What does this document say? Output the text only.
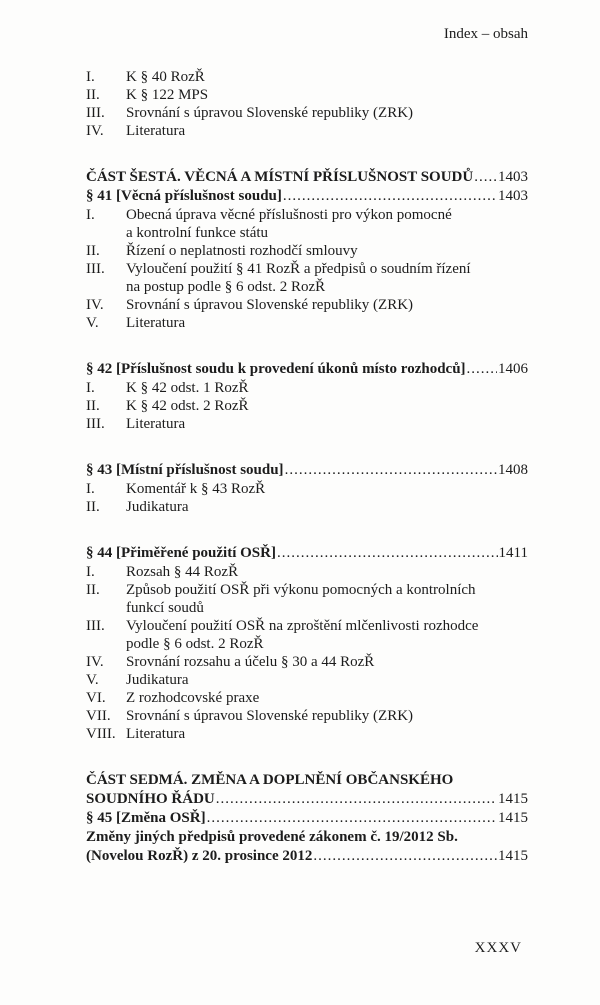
Index – obsah
I.	K § 40 RozŘ
II.	K § 122 MPS
III.	Srovnání s úpravou Slovenské republiky (ZRK)
IV.	Literatura
ČÁST ŠESTÁ. VĚCNÁ A MÍSTNÍ PŘÍSLUŠNOST SOUDŮ ..... 1403
§ 41 [Věcná příslušnost soudu] .....	1403
I.	Obecná úprava věcné příslušnosti pro výkon pomocné
a kontrolní funkce státu
II.	Řízení o neplatnosti rozhodčí smlouvy
III.	Vyloučení použití § 41 RozŘ a předpisů o soudním řízení
na postup podle § 6 odst. 2 RozŘ
IV.	Srovnání s úpravou Slovenské republiky (ZRK)
V.	Literatura
§ 42 [Příslušnost soudu k provedení úkonů místo rozhodců] ..... 1406
I.	K § 42 odst. 1 RozŘ
II.	K § 42 odst. 2 RozŘ
III.	Literatura
§ 43 [Místní příslušnost soudu] .....	1408
I.	Komentář k § 43 RozŘ
II.	Judikatura
§ 44 [Přiměřené použití OSŘ] .....	1411
I.	Rozsah § 44 RozŘ
II.	Způsob použití OSŘ při výkonu pomocných a kontrolních
funkcí soudů
III.	Vyloučení použití OSŘ na zproštění mlčenlivosti rozhodce
podle § 6 odst. 2 RozŘ
IV.	Srovnání rozsahu a účelu § 30 a 44 RozŘ
V.	Judikatura
VI.	Z rozhodcovské praxe
VII.	Srovnání s úpravou Slovenské republiky (ZRK)
VIII. Literatura
ČÁST SEDMÁ. ZMĚNA A DOPLNĚNÍ OBČANSKÉHO
SOUDNÍHO ŘÁDU .....	1415
§ 45 [Změna OSŘ] .....	1415
Změny jiných předpisů provedené zákonem č. 19/2012 Sb.
(Novelou RozŘ) z 20. prosince 2012 .....	1415
XXXV
